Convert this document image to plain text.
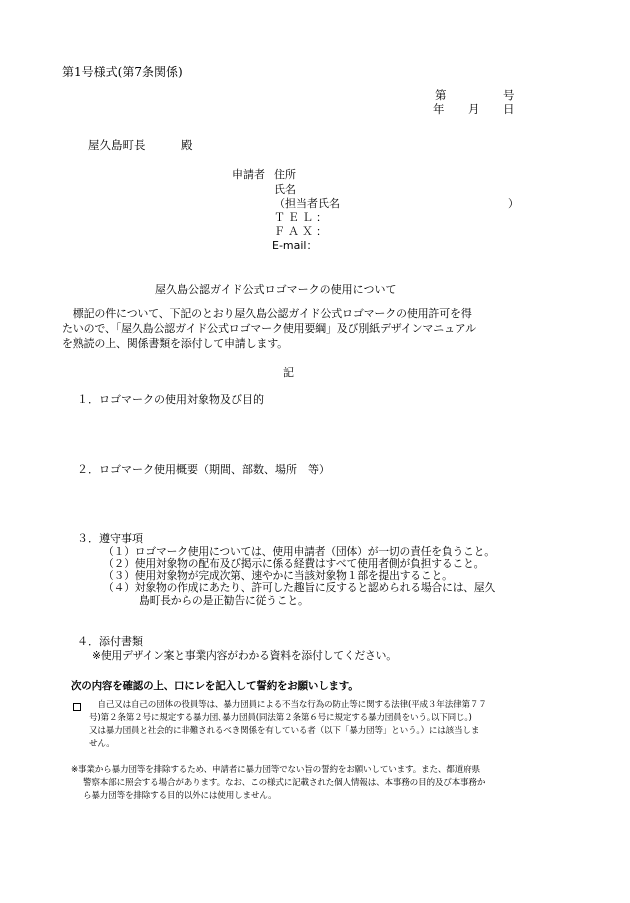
第1号様式(第7条関係)
第	号
年 月 日
屋久島町長	殿
申請者 住所
氏名
（担当者氏名	）
ＴＥＬ：
ＦＡＸ：
E-mail：
屋久島公認ガイド公式ロゴマークの使用について
　標記の件について、下記のとおり屋久島公認ガイド公式ロゴマークの使用許可を得
たいので、「屋久島公認ガイド公式ロゴマーク使用要綱」及び別紙デザインマニュアル
を熟読の上、関係書類を添付して申請します。
記
１．ロゴマークの使用対象物及び目的
２．ロゴマーク使用概要（期間、部数、場所　等）
３．遵守事項
（１）ロゴマーク使用については、使用申請者（団体）が一切の責任を負うこと。
（２）使用対象物の配布及び掲示に係る経費はすべて使用者側が負担すること。
（３）使用対象物が完成次第、速やかに当該対象物１部を提出すること。
（４）対象物の作成にあたり、許可した趣旨に反すると認められる場合には、屋久
島町長からの是正勧告に従うこと。
４．添付書類
※使用デザイン案と事業内容がわかる資料を添付してください。
次の内容を確認の上、口にレを記入して誓約をお願いします。
　自己又は自己の団体の役員等は、暴力団員による不当な行為の防止等に関する法律(平成３年法律第７７
号)第２条第２号に規定する暴力団､暴力団員(同法第２条第６号に規定する暴力団員をいう｡以下同じ｡)
又は暴力団員と社会的に非難されるべき関係を有している者（以下「暴力団等」という。）には該当しま
せん。
※事業から暴力団等を排除するため、申請者に暴力団等でない旨の誓約をお願いしています。また、都道府県
警察本部に照会する場合があります。なお、この様式に記載された個人情報は、本事務の目的及び本事務か
ら暴力団等を排除する目的以外には使用しません。
